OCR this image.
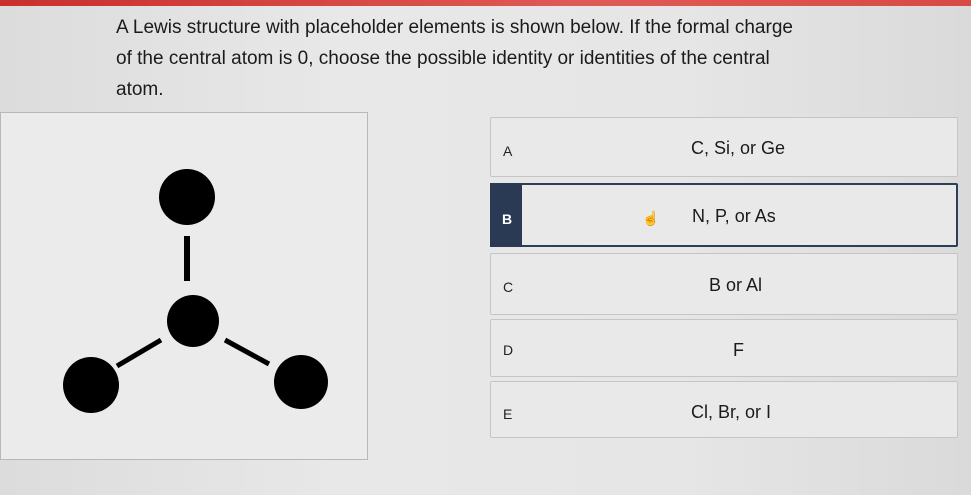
A Lewis structure with placeholder elements is shown below. If the formal charge
of the central atom is 0, choose the possible identity or identities of the central
atom.
A	C, Si, or Ge
B	☝ N, P, or As
C	B or Al
D	F
E	Cl, Br, or I
